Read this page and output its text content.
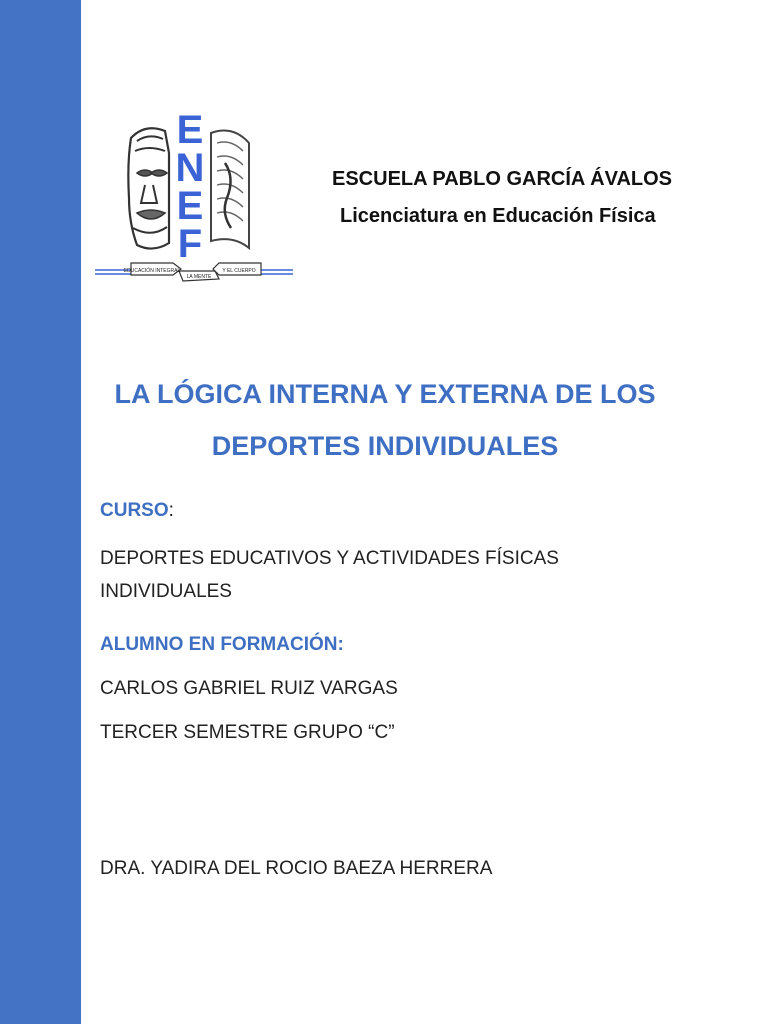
E
N
E
F
EDUCACIÓN INTEGRAL
LA MENTE
Y EL CUERPO
ESCUELA PABLO GARCÍA ÁVALOS
Licenciatura en Educación Física
LA LÓGICA INTERNA Y EXTERNA DE LOS
DEPORTES INDIVIDUALES
CURSO:
DEPORTES EDUCATIVOS Y ACTIVIDADES FÍSICAS
INDIVIDUALES
ALUMNO EN FORMACIÓN:
CARLOS GABRIEL RUIZ VARGAS
TERCER SEMESTRE GRUPO “C”
DRA. YADIRA DEL ROCIO BAEZA HERRERA
